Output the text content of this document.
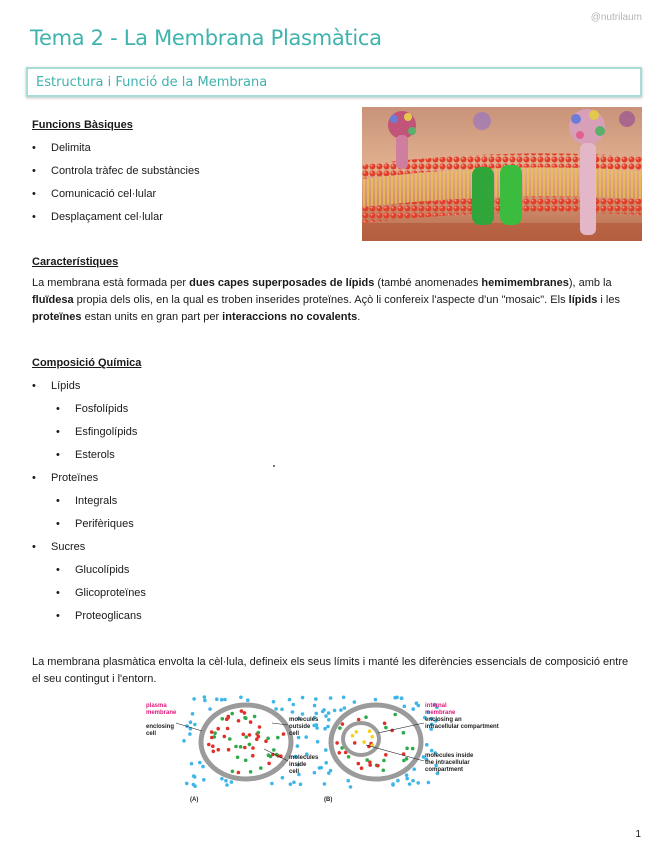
@nutrilaum
Tema 2 - La Membrana Plasmàtica
Estructura i Funció de la Membrana
Funcions Bàsiques
• Delimita
• Controla tràfec de substàncies
• Comunicació cel·lular
• Desplaçament cel·lular
Característiques
La membrana està formada per dues capes superposades de lípids (també anomenades hemimembranes), amb la fluïdesa propia dels olis, en la qual es troben inserides proteïnes. Açò li confereix l'aspecte d'un "mosaic". Els lípids i les proteïnes estan units en gran part per interaccions no covalents.
Composició Química
• Lípids
• Fosfolípids
• Esfingolípids
• Esterols
• Proteïnes
• Integrals
• Perifèriques
• Sucres
• Glucolípids
• Glicoproteïnes
• Proteoglicans
La membrana plasmàtica envolta la cèl·lula, defineix els seus límits i manté les diferències essencials de composició entre el seu contingut i l'entorn.
plasma membrane
enclosing cell
molecules outside cell
molecules inside cell
internal membrane
enclosing an intracellular compartment
molecules inside the intracellular compartment
(A)	(B)
1
